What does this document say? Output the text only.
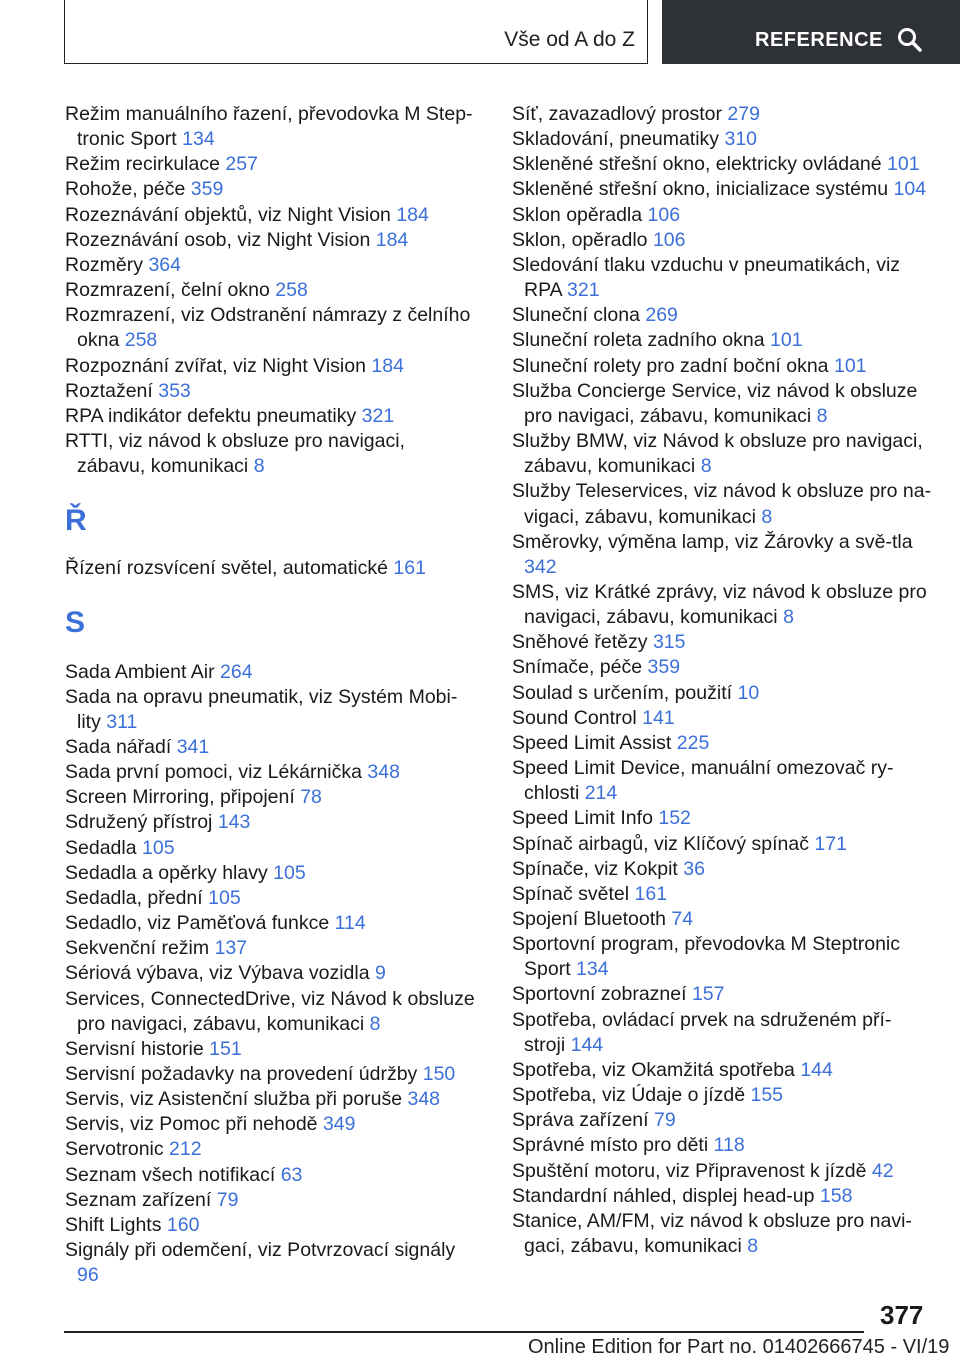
Vše od A do Z	REFERENCE
Režim manuálního řazení, převodovka M Step‐tronic Sport 134
Režim recirkulace 257
Rohože, péče 359
Rozeznávání objektů, viz Night Vision 184
Rozeznávání osob, viz Night Vision 184
Rozměry 364
Rozmrazení, čelní okno 258
Rozmrazení, viz Odstranění námrazy z čelního okna 258
Rozpoznání zvířat, viz Night Vision 184
Roztažení 353
RPA indikátor defektu pneumatiky 321
RTTI, viz návod k obsluze pro navigaci, zábavu, komunikaci 8
Ř
Řízení rozsvícení světel, automatické 161
S
Sada Ambient Air 264
Sada na opravu pneumatik, viz Systém Mobi‐lity 311
Sada nářadí 341
Sada první pomoci, viz Lékárnička 348
Screen Mirroring, připojení 78
Sdružený přístroj 143
Sedadla 105
Sedadla a opěrky hlavy 105
Sedadla, přední 105
Sedadlo, viz Paměťová funkce 114
Sekvenční režim 137
Sériová výbava, viz Výbava vozidla 9
Services, ConnectedDrive, viz Návod k obsluze pro navigaci, zábavu, komunikaci 8
Servisní historie 151
Servisní požadavky na provedení údržby 150
Servis, viz Asistenční služba při poruše 348
Servis, viz Pomoc při nehodě 349
Servotronic 212
Seznam všech notifikací 63
Seznam zařízení 79
Shift Lights 160
Signály při odemčení, viz Potvrzovací signály 96
Síť, zavazadlový prostor 279
Skladování, pneumatiky 310
Skleněné střešní okno, elektricky ovládané 101
Skleněné střešní okno, inicializace systému 104
Sklon opěradla 106
Sklon, opěradlo 106
Sledování tlaku vzduchu v pneumatikách, viz RPA 321
Sluneční clona 269
Sluneční roleta zadního okna 101
Sluneční rolety pro zadní boční okna 101
Služba Concierge Service, viz návod k obsluze pro navigaci, zábavu, komunikaci 8
Služby BMW, viz Návod k obsluze pro navigaci, zábavu, komunikaci 8
Služby Teleservices, viz návod k obsluze pro na‐vigaci, zábavu, komunikaci 8
Směrovky, výměna lamp, viz Žárovky a svě‐tla 342
SMS, viz Krátké zprávy, viz návod k obsluze pro navigaci, zábavu, komunikaci 8
Sněhové řetězy 315
Snímače, péče 359
Soulad s určením, použití 10
Sound Control 141
Speed Limit Assist 225
Speed Limit Device, manuální omezovač ry‐chlosti 214
Speed Limit Info 152
Spínač airbagů, viz Klíčový spínač 171
Spínače, viz Kokpit 36
Spínač světel 161
Spojení Bluetooth 74
Sportovní program, převodovka M Steptronic Sport 134
Sportovní zobrazneí 157
Spotřeba, ovládací prvek na sdruženém pří‐stroji 144
Spotřeba, viz Okamžitá spotřeba 144
Spotřeba, viz Údaje o jízdě 155
Správa zařízení 79
Správné místo pro děti 118
Spuštění motoru, viz Připravenost k jízdě 42
Standardní náhled, displej head-up 158
Stanice, AM/FM, viz návod k obsluze pro navi‐gaci, zábavu, komunikaci 8
377
Online Edition for Part no. 01402666745 - VI/19
